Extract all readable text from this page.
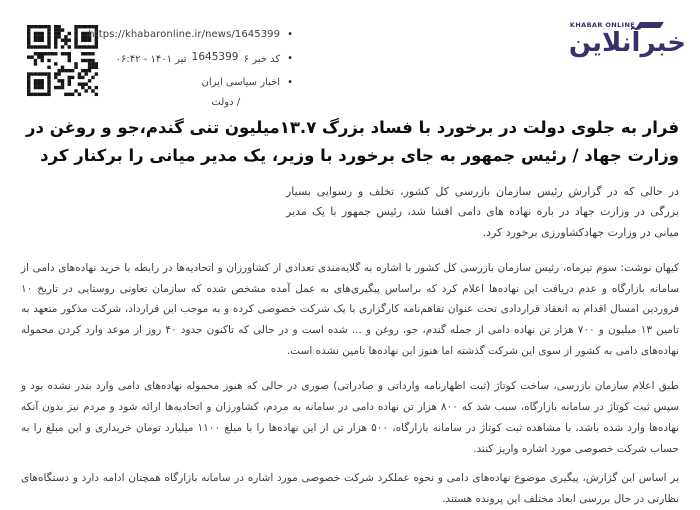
•
https://khabaronline.ir/news/1645399
•
کد خبر 1645399 ۶ تیر ۱۴۰۱ - ۰۶:۴۲
•
اخبار سیاسی ایران
/ دولت
KHABAR ONLINE
خبرآنلاین
فرار به جلوی دولت در برخورد با فساد بزرگ ۱۳.۷میلیون تنی گندم،جو و روغن در وزارت جهاد / رئیس جمهور به جای برخورد با وزیر، یک مدیر میانی را برکنار کرد

در حالی که در گزارش رئیس سازمان بازرسی کل کشور، تخلف و رسوایی بسیار بزرگی در وزارت جهاد در باره نهاده های دامی افشا شد، رئیس جمهور با یک مدیر میانی در وزارت جهادکشاورزی برخورد کرد.

کیهان نوشت: سوم تیرماه، رئیس سازمان بازرسی کل کشور با اشاره به گلایه‌مندی تعدادی از کشاورزان و اتحادیه‌ها در رابطه با خرید نهاده‌های دامی از سامانه بازارگاه و عدم دریافت این نهاده‌ها اعلام کرد که براساس پیگیری‌های به عمل آمده مشخص شده که سازمان تعاونی روستایی در تاریخ ۱۰ فروردین امسال اقدام به انعقاد قراردادی تحت عنوان تفاهم‌نامه کارگزاری با یک شرکت خصوصی کرده و به موجب این قرارداد، شرکت مذکور متعهد به تامین ۱۳ میلیون و ۷۰۰ هزار تن نهاده دامی از جمله گندم، جو، روغن و ... شده است و در حالی که تاکنون حدود ۴۰ روز از موعد وارد کردن محموله نهاده‌های دامی به کشور از سوی این شرکت گذشته اما هنوز این نهاده‌ها تامین نشده است.

طبق اعلام سازمان بازرسی، ساخت کوتاژ (ثبت اظهارنامه وارداتی و صادراتی) صوری در حالی که هنوز محموله نهاده‌های دامی وارد بندر نشده بود و سپس ثبت کوتاژ در سامانه بازارگاه، سبب شد که ۸۰۰ هزار تن نهاده دامی در سامانه به مردم، کشاورزان و اتحادیه‌ها ارائه شود و مردم نیز بدون آنکه نهاده‌ها وارد شده باشد، با مشاهده ثبت کوتاژ در سامانه بازارگاه، ۵۰۰ هزار تن از این نهاده‌ها را با مبلغ ۱۱۰۰ میلیارد تومان خریداری و این مبلغ را به حساب شرکت خصوصی مورد اشاره واریز کنند.

بر اساس این گزارش، پیگیری موضوع نهاده‌های دامی و نحوه عملکرد شرکت خصوصی مورد اشاره در سامانه بازارگاه همچنان ادامه دارد و دستگاه‌های نظارتی در حال بررسی ابعاد مختلف این پرونده هستند.
